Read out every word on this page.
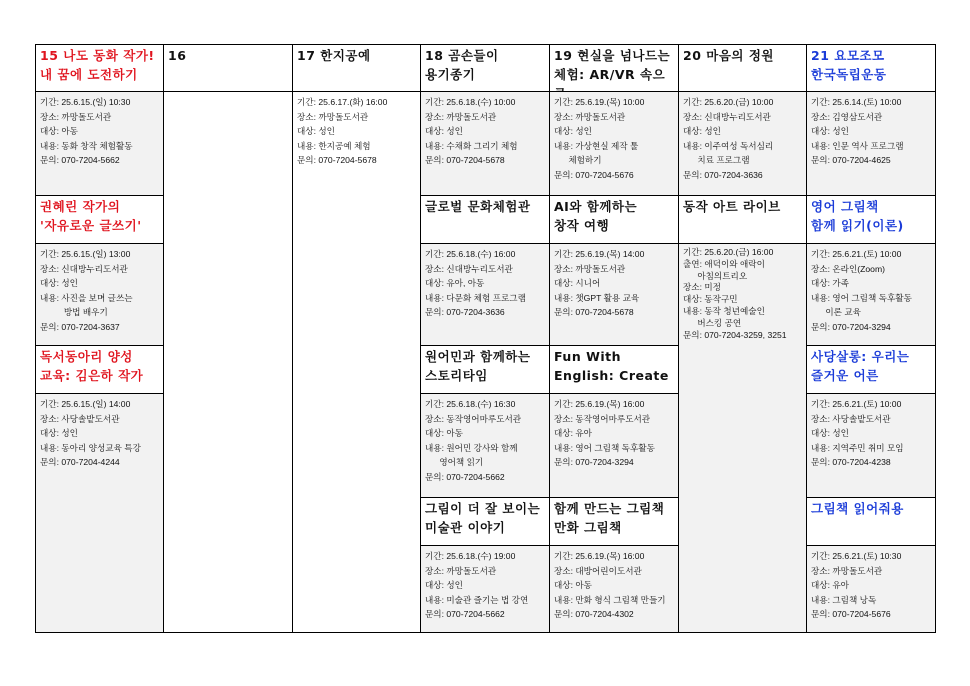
15 나도 동화 작가!
내 꿈에 도전하기
기간: 25.6.15.(일) 10:30
장소: 까망돌도서관
대상: 아동
내용: 동화 창작 체험활동
문의: 070-7204-5662
권혜린 작가의
'자유로운 글쓰기'
기간: 25.6.15.(일) 13:00
장소: 신대방누리도서관
대상: 성인
내용: 사진을 보며 글쓰는
방법 배우기
문의: 070-7204-3637
독서동아리 양성
교육: 김은하 작가
기간: 25.6.15.(일) 14:00
장소: 사당솔밭도서관
대상: 성인
내용: 동아리 양성교육 특강
문의: 070-7204-4244
16	17 한지공예
기간: 25.6.17.(화) 16:00
장소: 까망돌도서관
대상: 성인
내용: 한지공예 체험
문의: 070-7204-5678
18 곰손들이
용기종기
기간: 25.6.18.(수) 10:00
장소: 까망돌도서관
대상: 성인
내용: 수채화 그리기 체험
문의: 070-7204-5678
글로벌 문화체험관
기간: 25.6.18.(수) 16:00
장소: 신대방누리도서관
대상: 유아, 아동
내용: 다문화 체험 프로그램
문의: 070-7204-3636
원어민과 함께하는
스토리타임
기간: 25.6.18.(수) 16:30
장소: 동작영어마루도서관
대상: 아동
내용: 원어민 강사와 함께
영어책 읽기
문의: 070-7204-5662
그림이 더 잘 보이는
미술관 이야기
기간: 25.6.18.(수) 19:00
장소: 까망돌도서관
대상: 성인
내용: 미술관 즐기는 법 강연
문의: 070-7204-5662
19 현실을 넘나드는
체험: AR/VR 속으
기간: 25.6.19.(목) 10:00
장소: 까망돌도서관
대상: 성인
내용: 가상현실 제작 툴
체험하기
문의: 070-7204-5676
AI와 함께하는
창작 여행
기간: 25.6.19.(목) 14:00
장소: 까망돌도서관
대상: 시니어
내용: 챗GPT 활용 교육
문의: 070-7204-5678
Fun With
English: Create
기간: 25.6.19.(목) 16:00
장소: 동작영어마루도서관
대상: 유아
내용: 영어 그림책 독후활동
문의: 070-7204-3294
함께 만드는 그림책
만화 그림책
기간: 25.6.19.(목) 16:00
장소: 대방어린이도서관
대상: 아동
내용: 만화 형식 그림책 만들기
문의: 070-7204-4302
20 마음의 정원
기간: 25.6.20.(금) 10:00
장소: 신대방누리도서관
대상: 성인
내용: 이주여성 독서심리
치료 프로그램
문의: 070-7204-3636
동작 아트 라이브
기간: 25.6.20.(금) 16:00
출연: 애덕이와 애락이
아침의트리오
장소: 미정
대상: 동작구민
내용: 동작 청년예술인
버스킹 공연
문의: 070-7204-3259, 3251
21 요모조모
한국독립운동
기간: 25.6.14.(토) 10:00
장소: 김영삼도서관
대상: 성인
내용: 인문 역사 프로그램
문의: 070-7204-4625
영어 그림책
함께 읽기(이론)
기간: 25.6.21.(토) 10:00
장소: 온라인(Zoom)
대상: 가족
내용: 영어 그림책 독후활동
이론 교육
문의: 070-7204-3294
사당살롱: 우리는
즐거운 어른
기간: 25.6.21.(토) 10:00
장소: 사당솔밭도서관
대상: 성인
내용: 지역주민 취미 모임
문의: 070-7204-4238
그림책 읽어줘용
기간: 25.6.21.(토) 10:30
장소: 까망돌도서관
대상: 유아
내용: 그림책 낭독
문의: 070-7204-5676
